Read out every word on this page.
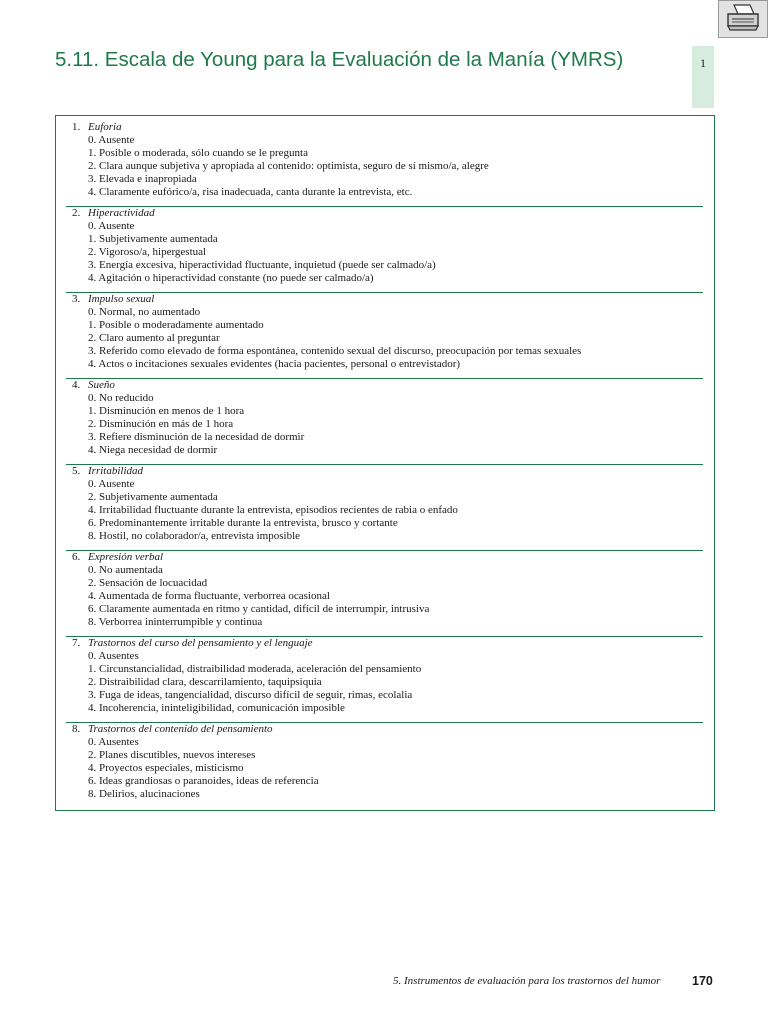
5.11. Escala de Young para la Evaluación de la Manía (YMRS)	1
1. Euforia
0. Ausente
1. Posible o moderada, sólo cuando se le pregunta
2. Clara aunque subjetiva y apropiada al contenido: optimista, seguro de sí mismo/a, alegre
3. Elevada e inapropiada
4. Claramente eufórico/a, risa inadecuada, canta durante la entrevista, etc.
2. Hiperactividad
0. Ausente
1. Subjetivamente aumentada
2. Vigoroso/a, hipergestual
3. Energía excesiva, hiperactividad fluctuante, inquietud (puede ser calmado/a)
4. Agitación o hiperactividad constante (no puede ser calmado/a)
3. Impulso sexual
0. Normal, no aumentado
1. Posible o moderadamente aumentado
2. Claro aumento al preguntar
3. Referido como elevado de forma espontánea, contenido sexual del discurso, preocupación por temas sexuales
4. Actos o incitaciones sexuales evidentes (hacia pacientes, personal o entrevistador)
4. Sueño
0. No reducido
1. Disminución en menos de 1 hora
2. Disminución en más de 1 hora
3. Refiere disminución de la necesidad de dormir
4. Niega necesidad de dormir
5. Irritabilidad
0. Ausente
2. Subjetivamente aumentada
4. Irritabilidad fluctuante durante la entrevista, episodios recientes de rabia o enfado
6. Predominantemente irritable durante la entrevista, brusco y cortante
8. Hostil, no colaborador/a, entrevista imposible
6. Expresión verbal
0. No aumentada
2. Sensación de locuacidad
4. Aumentada de forma fluctuante, verborrea ocasional
6. Claramente aumentada en ritmo y cantidad, difícil de interrumpir, intrusiva
8. Verborrea ininterrumpible y continua
7. Trastornos del curso del pensamiento y el lenguaje
0. Ausentes
1. Circunstancialidad, distraibilidad moderada, aceleración del pensamiento
2. Distraibilidad clara, descarrilamiento, taquipsiquia
3. Fuga de ideas, tangencialidad, discurso difícil de seguir, rimas, ecolalia
4. Incoherencia, ininteligibilidad, comunicación imposible
8. Trastornos del contenido del pensamiento
0. Ausentes
2. Planes discutibles, nuevos intereses
4. Proyectos especiales, misticismo
6. Ideas grandiosas o paranoides, ideas de referencia
8. Delirios, alucinaciones
5. Instrumentos de evaluación para los trastornos del humor	170
